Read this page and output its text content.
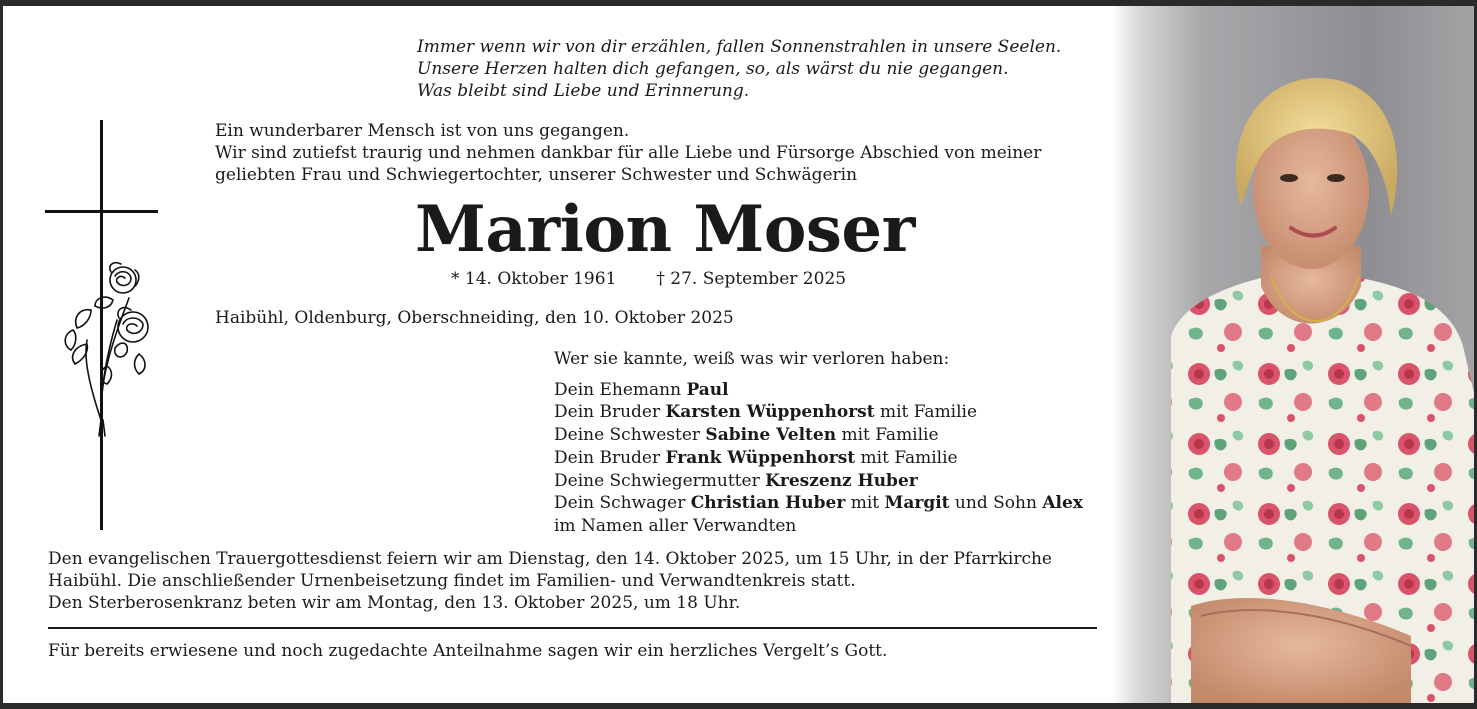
Immer wenn wir von dir erzählen, fallen Sonnenstrahlen in unsere Seelen.
Unsere Herzen halten dich gefangen, so, als wärst du nie gegangen.
Was bleibt sind Liebe und Erinnerung.
Ein wunderbarer Mensch ist von uns gegangen.
Wir sind zutiefst traurig und nehmen dankbar für alle Liebe und Fürsorge Abschied von meiner
geliebten Frau und Schwiegertochter, unserer Schwester und Schwägerin
Marion Moser
* 14. Oktober 1961 † 27. September 2025
Haibühl, Oldenburg, Oberschneiding, den 10. Oktober 2025
Wer sie kannte, weiß was wir verloren haben:
Dein Ehemann Paul
Dein Bruder Karsten Wüppenhorst mit Familie
Deine Schwester Sabine Velten mit Familie
Dein Bruder Frank Wüppenhorst mit Familie
Deine Schwiegermutter Kreszenz Huber
Dein Schwager Christian Huber mit Margit und Sohn Alex
im Namen aller Verwandten
Den evangelischen Trauergottesdienst feiern wir am Dienstag, den 14. Oktober 2025, um 15 Uhr, in der Pfarrkirche
Haibühl. Die anschließender Urnenbeisetzung findet im Familien- und Verwandtenkreis statt.
Den Sterberosenkranz beten wir am Montag, den 13. Oktober 2025, um 18 Uhr.
Für bereits erwiesene und noch zugedachte Anteilnahme sagen wir ein herzliches Vergelt’s Gott.
